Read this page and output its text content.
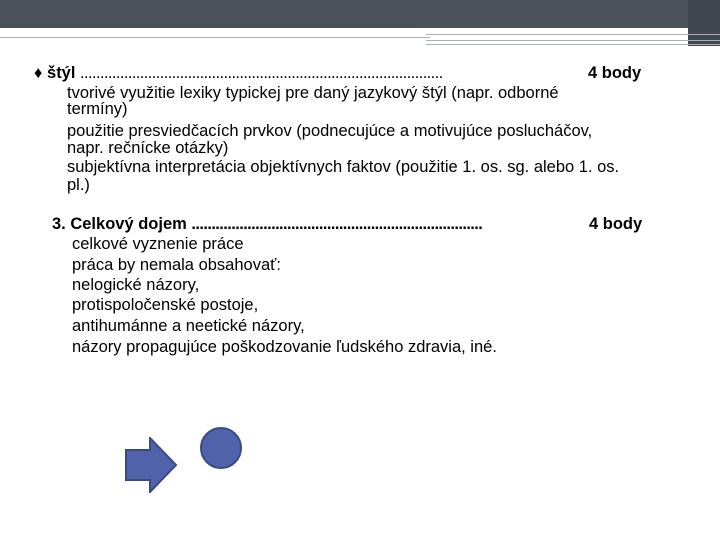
♦ štýl ...........................................................................................	4 body
tvorivé využitie lexiky typickej pre daný jazykový štýl (napr. odborné
termíny)
použitie presviedčacích prvkov (podnecujúce a motivujúce poslucháčov,
napr. rečnícke otázky)
subjektívna interpretácia objektívnych faktov (použitie 1. os. sg. alebo 1. os.
pl.)
3. Celkový dojem .........................................................................	4 body
celkové vyznenie práce
práca by nemala obsahovať:
nelogické názory,
protispoločenské postoje,
antihumánne a neetické názory,
názory propagujúce poškodzovanie ľudského zdravia, iné.
